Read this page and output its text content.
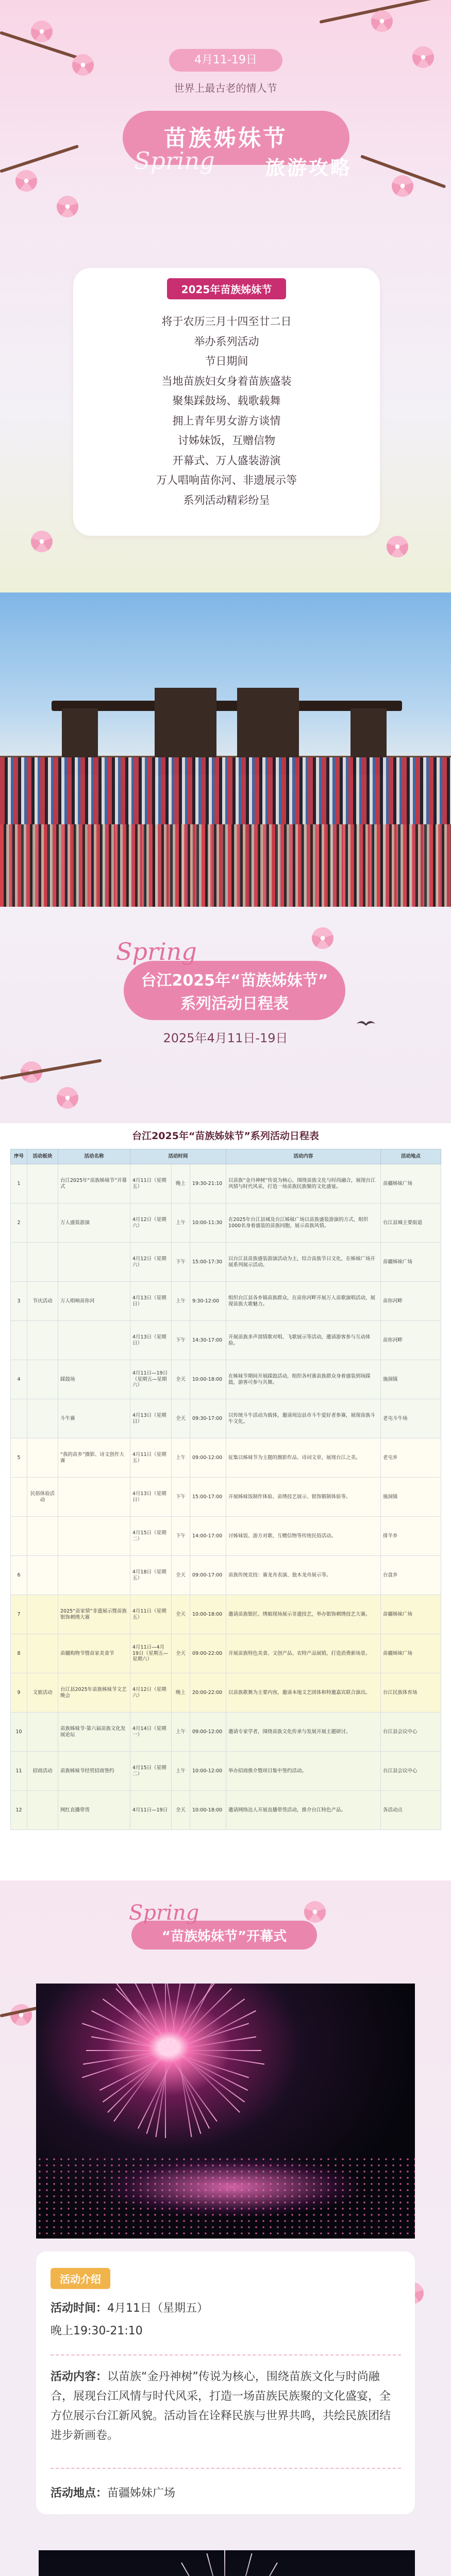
4月11-19日
世界上最古老的情人节
苗族姊妹节
Spring	旅游攻略
2025年苗族姊妹节
将于农历三月十四至廿二日
举办系列活动
节日期间
当地苗族妇女身着苗族盛装
聚集踩鼓场、载歌载舞
拥上青年男女游方谈情
讨姊妹饭，互赠信物
开幕式、万人盛装游演
万人唱响苗你河、非遗展示等
系列活动精彩纷呈
Spring
台江2025年“苗族姊妹节”
系列活动日程表
2025年4月11日-19日
台江2025年“苗族姊妹节”系列活动日程表
序号	活动板块	活动名称	活动时间			活动内容	活动地点
1		台江2025年“苗族姊妹节”开幕式	4月11日（星期五）	晚上	19:30-21:10	以苗族“金丹神树”传说为核心，围绕苗族文化与时尚融合，展现台江风情与时代风采，打造一场苗族民族聚的文化盛宴。	苗疆姊妹广场
2		万人盛装游演	4月12日（星期六）	上午	10:00-11:30	在2025年台江县城及台江姊妹广场以苗族盛装游演的方式，组织1000名身着盛装的苗族同胞，展示苗族风情。	台江县城主要街道
			4月12日（星期六）	下午	15:00-17:30	以台江县苗族盛装游演活动为主，结合苗族节日文化，在姊妹广场开展系列展示活动。	苗疆姊妹广场
3	节庆活动	万人唱响苗你河	4月13日（星期日）	上午	9:30-12:00	组织台江县各乡镇苗族群众，在苗你河畔开展万人苗歌演唱活动，展现苗族大歌魅力。	苗你河畔
			4月13日（星期日）	下午	14:30-17:00	开展苗族多声部情歌对唱、飞歌展示等活动，邀请游客参与互动体验。	苗你河畔
4		踩鼓场	4月11日—19日（星期五—星期六）	全天	10:00-18:00	在姊妹节期间开展踩鼓活动，组织各村寨苗族群众身着盛装到场踩鼓，游客可参与共舞。	施洞镇
		斗牛赛	4月13日（星期日）	全天	09:30-17:00	以传统斗牛活动为载体，邀请周边县市斗牛爱好者参赛，展现苗族斗牛文化。	老屯斗牛场
5		“我的苗乡”摄影、诗文创作大赛	4月11日（星期五）	上午	09:00-12:00	征集以姊妹节为主题的摄影作品、诗词文章，展现台江之美。	老屯乡
	民俗体验活动		4月13日（星期日）	下午	15:00-17:00	开展姊妹饭制作体验、苗绣技艺展示、银饰锻制体验等。	施洞镇
			4月15日（星期二）	下午	14:00-17:00	讨姊妹饭、游方对歌、互赠信物等传统民俗活动。	排羊乡
6			4月18日（星期五）	全天	09:00-17:00	苗族传统竞技：赛龙舟表演、独木龙舟展示等。	台盘乡
7		2025“苗家情”非遗展示暨苗族银饰刺绣大赛	4月11日（星期五）	全天	10:00-18:00	邀请苗族银匠、绣娘现场展示非遗技艺，举办银饰刺绣技艺大赛。	苗疆姊妹广场
8		苗疆购物节暨苗家美食节	4月11日—4月19日（星期五—星期六）	全天	09:00-22:00	开展苗族特色美食、文创产品、农特产品展销，打造消费新场景。	苗疆姊妹广场
9	文旅活动	台江县2025年苗族姊妹节文艺晚会	4月12日（星期六）	晚上	20:00-22:00	以苗族歌舞为主要内容，邀请本地文艺团体和特邀嘉宾联合演出。	台江民族体育场
10		苗族姊妹节·第六届苗族文化发展论坛	4月14日（星期一）	上午	09:00-12:00	邀请专家学者，围绕苗族文化传承与发展开展主题研讨。	台江县会议中心
11	招商活动	苗族姊妹节经贸招商签约	4月15日（星期二）	上午	10:00-12:00	举办招商推介暨项目集中签约活动。	台江县会议中心
12		网红直播带货	4月11日—19日	全天	10:00-18:00	邀请网络达人开展直播带货活动，推介台江特色产品。	各活动点
Spring
“苗族姊妹节”开幕式
活动介绍
活动时间：4月11日（星期五）
晚上19:30-21:10
活动内容：以苗族“金丹神树”传说为核心，围绕苗族文化与时尚融合，展现台江风情与时代风采，打造一场苗族民族聚的文化盛宴，全方位展示台江新风貌。活动旨在诠释民族与世界共鸣，共绘民族团结进步新画卷。
活动地点：苗疆姊妹广场
